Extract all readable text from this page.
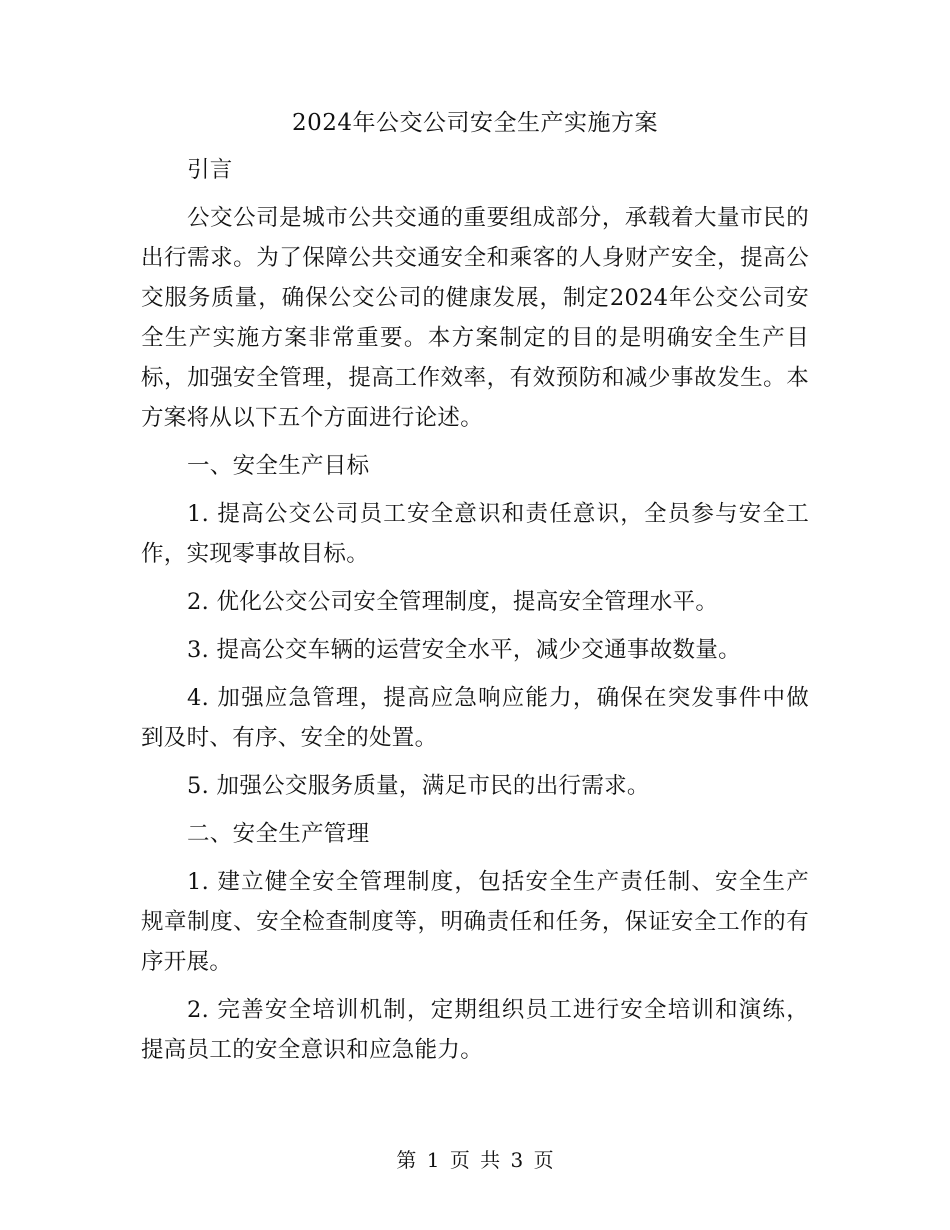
2024年公交公司安全生产实施方案

引言

公交公司是城市公共交通的重要组成部分，承载着大量市民的出行需求。为了保障公共交通安全和乘客的人身财产安全，提高公交服务质量，确保公交公司的健康发展，制定2024年公交公司安全生产实施方案非常重要。本方案制定的目的是明确安全生产目标，加强安全管理，提高工作效率，有效预防和减少事故发生。本方案将从以下五个方面进行论述。

一、安全生产目标

1. 提高公交公司员工安全意识和责任意识，全员参与安全工作，实现零事故目标。

2. 优化公交公司安全管理制度，提高安全管理水平。

3. 提高公交车辆的运营安全水平，减少交通事故数量。

4. 加强应急管理，提高应急响应能力，确保在突发事件中做到及时、有序、安全的处置。

5. 加强公交服务质量，满足市民的出行需求。

二、安全生产管理

1. 建立健全安全管理制度，包括安全生产责任制、安全生产规章制度、安全检查制度等，明确责任和任务，保证安全工作的有序开展。

2. 完善安全培训机制，定期组织员工进行安全培训和演练，提高员工的安全意识和应急能力。

第 1 页 共 3 页
